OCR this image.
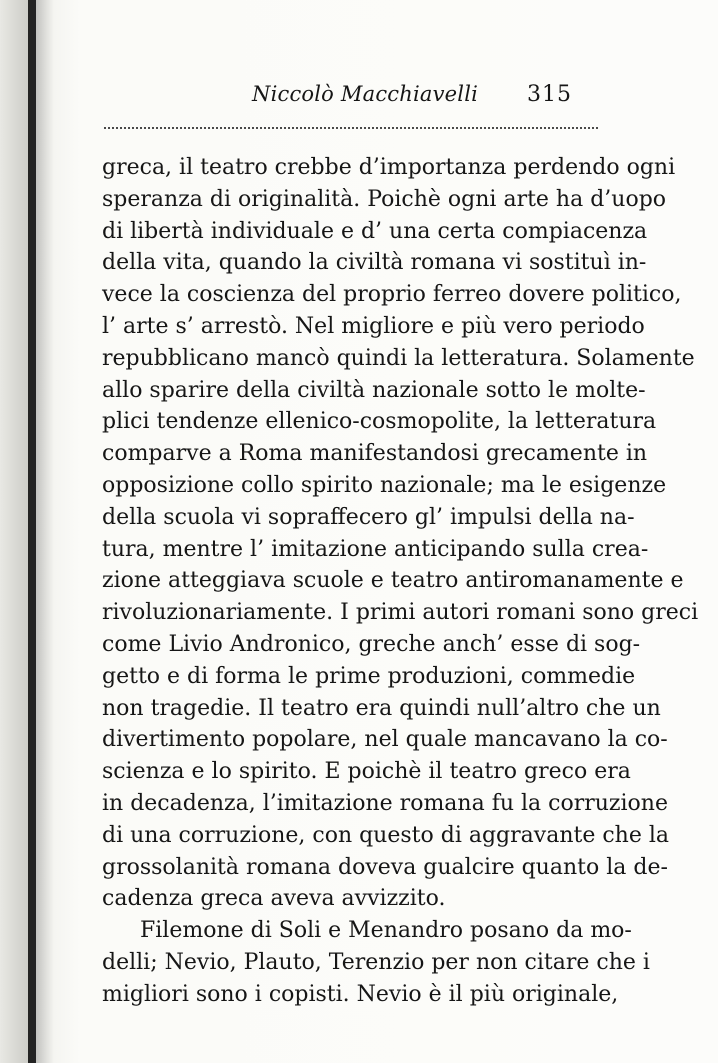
Niccolò Macchiavelli 315
greca, il teatro crebbe d’importanza perdendo ogni
speranza di originalità. Poichè ogni arte ha d’uopo
di libertà individuale e d’ una certa compiacenza
della vita, quando la civiltà romana vi sostituì in-
vece la coscienza del proprio ferreo dovere politico,
l’ arte s’ arrestò. Nel migliore e più vero periodo
repubblicano mancò quindi la letteratura. Solamente
allo sparire della civiltà nazionale sotto le molte-
plici tendenze ellenico-cosmopolite, la letteratura
comparve a Roma manifestandosi grecamente in
opposizione collo spirito nazionale; ma le esigenze
della scuola vi sopraffecero gl’ impulsi della na-
tura, mentre l’ imitazione anticipando sulla crea-
zione atteggiava scuole e teatro antiromanamente e
rivoluzionariamente. I primi autori romani sono greci
come Livio Andronico, greche anch’ esse di sog-
getto e di forma le prime produzioni, commedie
non tragedie. Il teatro era quindi null’altro che un
divertimento popolare, nel quale mancavano la co-
scienza e lo spirito. E poichè il teatro greco era
in decadenza, l’imitazione romana fu la corruzione
di una corruzione, con questo di aggravante che la
grossolanità romana doveva gualcire quanto la de-
cadenza greca aveva avvizzito.
Filemone di Soli e Menandro posano da mo-
delli; Nevio, Plauto, Terenzio per non citare che i
migliori sono i copisti. Nevio è il più originale,
